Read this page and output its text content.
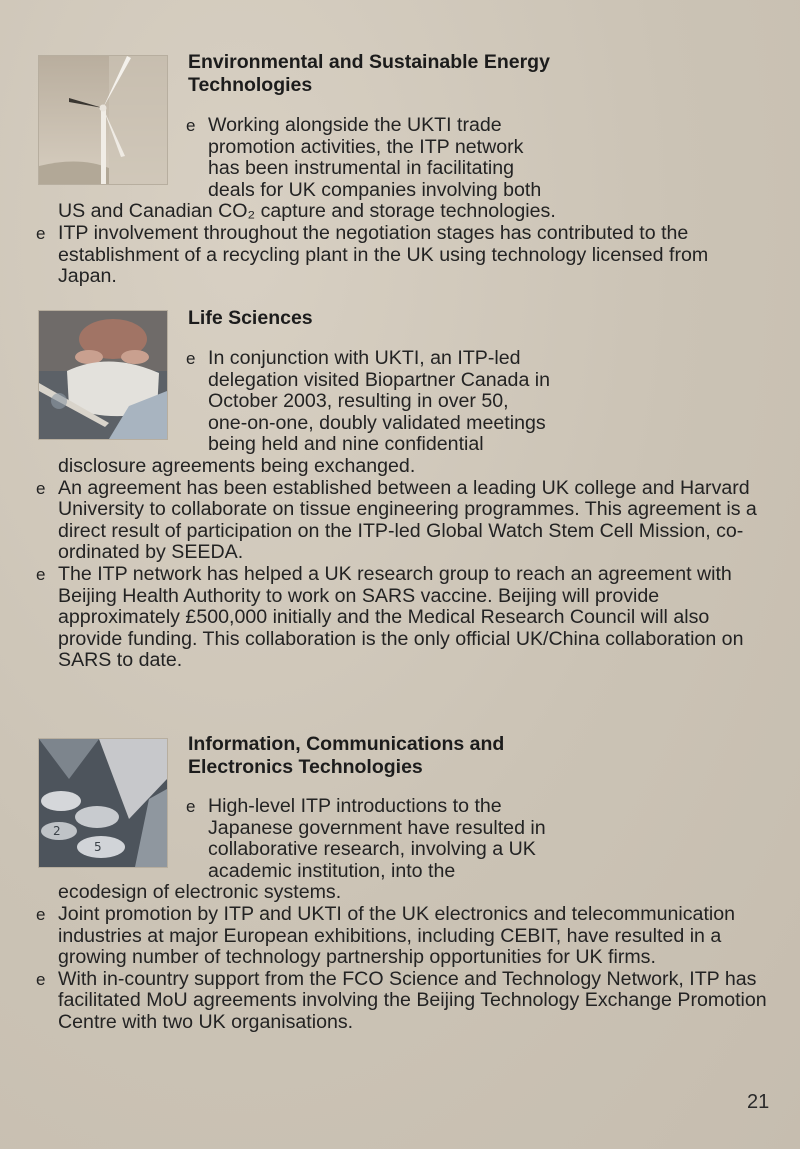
Environmental and Sustainable Energy
Technologies
e Working alongside the UKTI trade
promotion activities, the ITP network
has been instrumental in facilitating
deals for UK companies involving both
US and Canadian CO₂ capture and storage technologies.
e ITP involvement throughout the negotiation stages has contributed to the establishment of a recycling plant in the UK using technology licensed from Japan.
Life Sciences
e In conjunction with UKTI, an ITP-led
delegation visited Biopartner Canada in
October 2003, resulting in over 50,
one-on-one, doubly validated meetings
being held and nine confidential
disclosure agreements being exchanged.
e An agreement has been established between a leading UK college and Harvard University to collaborate on tissue engineering programmes. This agreement is a direct result of participation on the ITP-led Global Watch Stem Cell Mission, co-ordinated by SEEDA.
e The ITP network has helped a UK research group to reach an agreement with Beijing Health Authority to work on SARS vaccine. Beijing will provide approximately £500,000 initially and the Medical Research Council will also provide funding. This collaboration is the only official UK/China collaboration on SARS to date.
2
5
Information, Communications and
Electronics Technologies
e High-level ITP introductions to the
Japanese government have resulted in
collaborative research, involving a UK
academic institution, into the
ecodesign of electronic systems.
e Joint promotion by ITP and UKTI of the UK electronics and telecommunication industries at major European exhibitions, including CEBIT, have resulted in a growing number of technology partnership opportunities for UK firms.
e With in-country support from the FCO Science and Technology Network, ITP has facilitated MoU agreements involving the Beijing Technology Exchange Promotion Centre with two UK organisations.
21
